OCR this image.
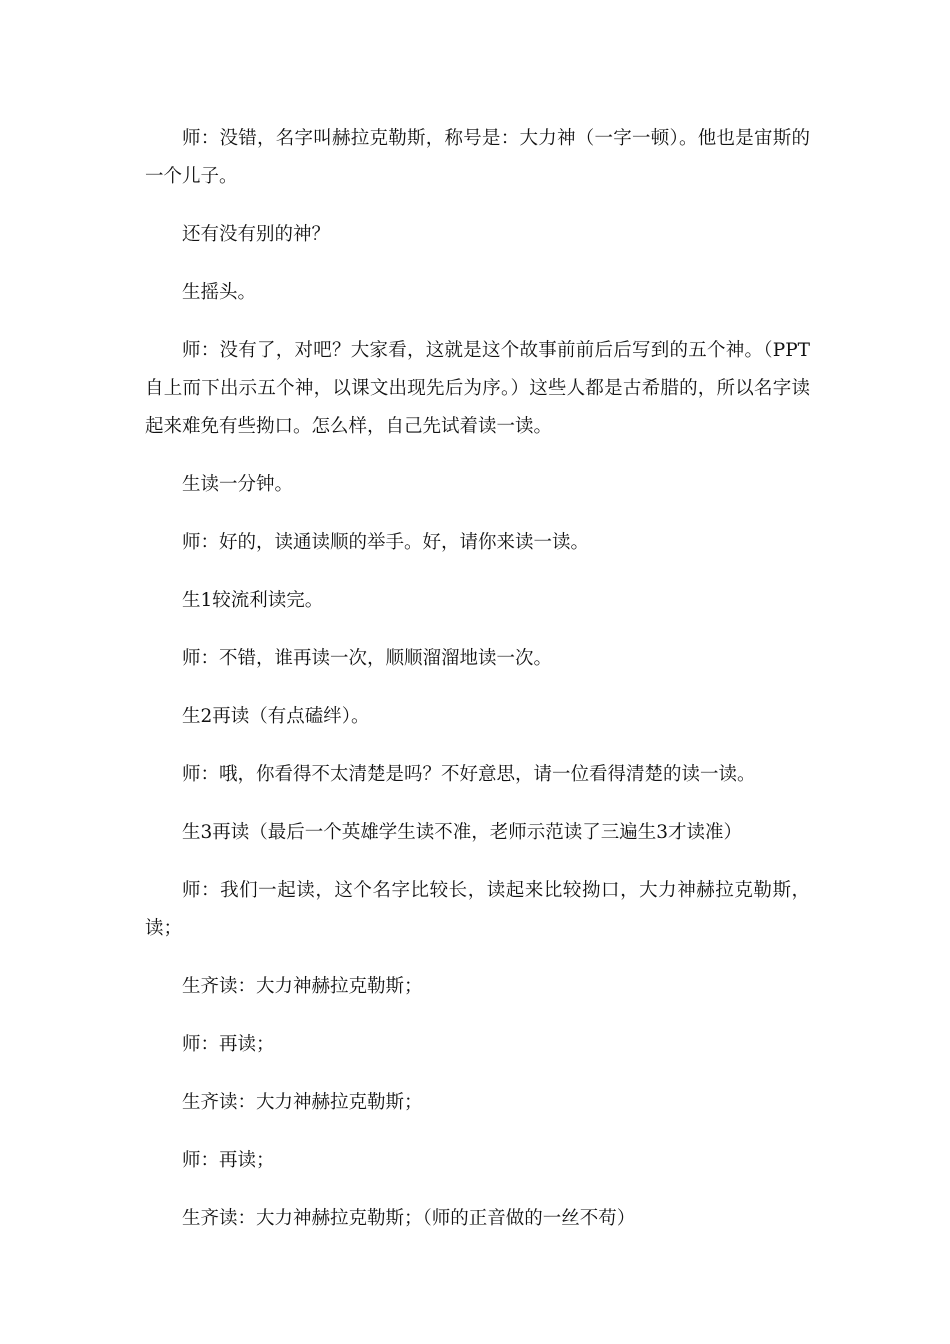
师：没错，名字叫赫拉克勒斯，称号是：大力神（一字一顿）。他也是宙斯的一个儿子。

还有没有别的神？

生摇头。

师：没有了，对吧？大家看，这就是这个故事前前后后写到的五个神。（PPT自上而下出示五个神，以课文出现先后为序。）这些人都是古希腊的，所以名字读起来难免有些拗口。怎么样，自己先试着读一读。

生读一分钟。

师：好的，读通读顺的举手。好，请你来读一读。

生1较流利读完。

师：不错，谁再读一次，顺顺溜溜地读一次。

生2再读（有点磕绊）。

师：哦，你看得不太清楚是吗？不好意思，请一位看得清楚的读一读。

生3再读（最后一个英雄学生读不准，老师示范读了三遍生3才读准）

师：我们一起读，这个名字比较长，读起来比较拗口，大力神赫拉克勒斯，读；

生齐读：大力神赫拉克勒斯；

师：再读；

生齐读：大力神赫拉克勒斯；

师：再读；

生齐读：大力神赫拉克勒斯；（师的正音做的一丝不苟）
